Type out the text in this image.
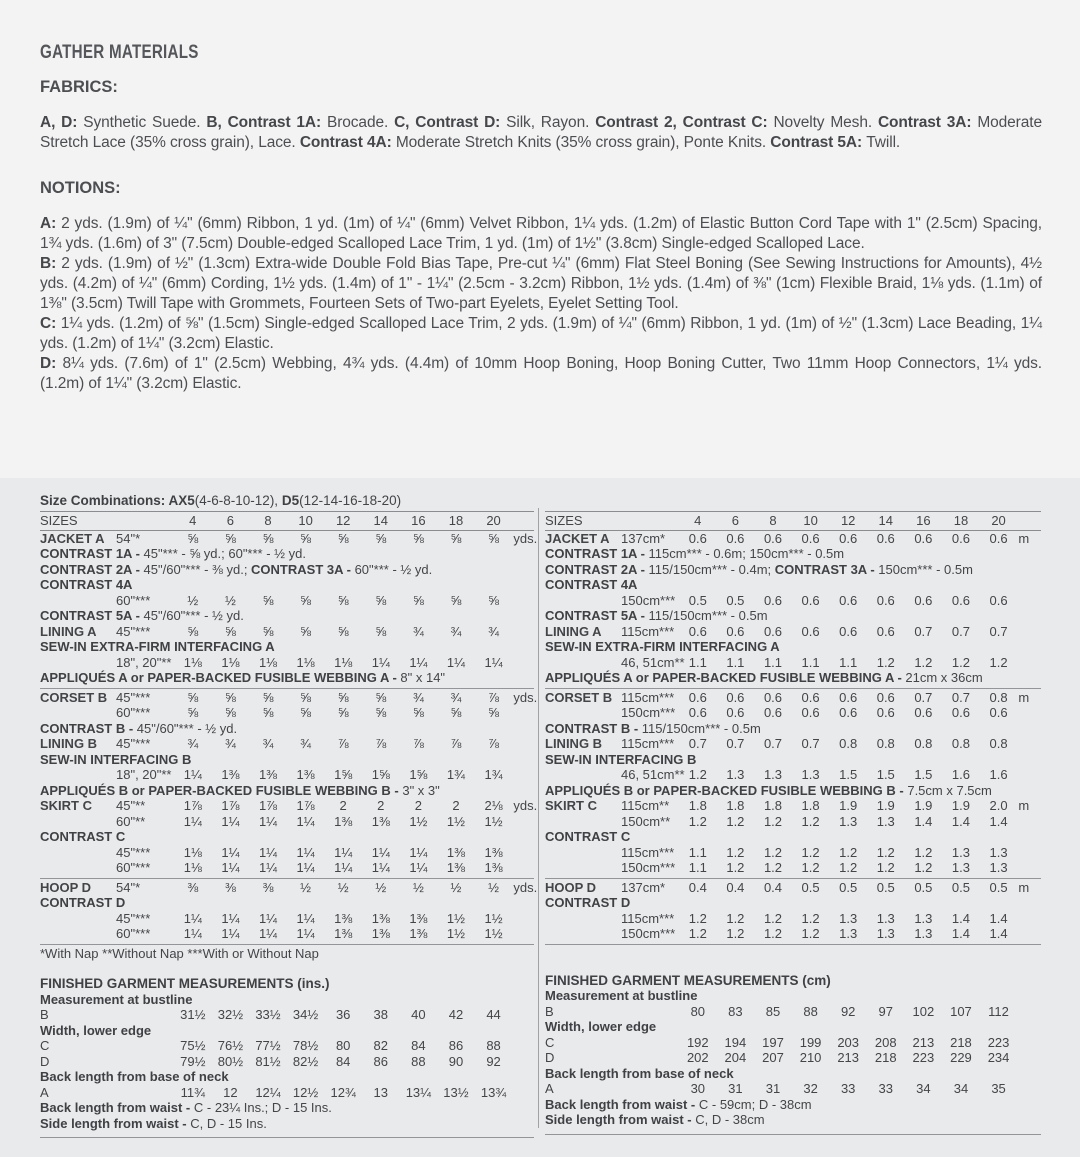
GATHER MATERIALS
FABRICS:

A, D: Synthetic Suede. B, Contrast 1A: Brocade. C, Contrast D: Silk, Rayon. Contrast 2, Contrast C: Novelty Mesh. Contrast 3A: Moderate Stretch Lace (35% cross grain), Lace. Contrast 4A: Moderate Stretch Knits (35% cross grain), Ponte Knits. Contrast 5A: Twill.

NOTIONS:

A: 2 yds. (1.9m) of ¼" (6mm) Ribbon, 1 yd. (1m) of ¼" (6mm) Velvet Ribbon, 1¼ yds. (1.2m) of Elastic Button Cord Tape with 1" (2.5cm) Spacing, 1¾ yds. (1.6m) of 3" (7.5cm) Double-edged Scalloped Lace Trim, 1 yd. (1m) of 1½" (3.8cm) Single-edged Scalloped Lace.

B: 2 yds. (1.9m) of ½" (1.3cm) Extra-wide Double Fold Bias Tape, Pre-cut ¼" (6mm) Flat Steel Boning (See Sewing Instructions for Amounts), 4½ yds. (4.2m) of ¼" (6mm) Cording, 1½ yds. (1.4m) of 1" - 1¼" (2.5cm - 3.2cm) Ribbon, 1½ yds. (1.4m) of ⅜" (1cm) Flexible Braid, 1⅛ yds. (1.1m) of 1⅜" (3.5cm) Twill Tape with Grommets, Fourteen Sets of Two-part Eyelets, Eyelet Setting Tool.

C: 1¼ yds. (1.2m) of ⅝" (1.5cm) Single-edged Scalloped Lace Trim, 2 yds. (1.9m) of ¼" (6mm) Ribbon, 1 yd. (1m) of ½" (1.3cm) Lace Beading, 1¼ yds. (1.2m) of 1¼" (3.2cm) Elastic.

D: 8¼ yds. (7.6m) of 1" (2.5cm) Webbing, 4¾ yds. (4.4m) of 10mm Hoop Boning, Hoop Boning Cutter, Two 11mm Hoop Connectors, 1¼ yds. (1.2m) of 1¼" (3.2cm) Elastic.

Size Combinations: AX5(4-6-8-10-12), D5(12-14-16-18-20)
SIZES	4	6	8	10	12	14	16	18	20
JACKET A 54"*	⅝	⅝	⅝	⅝	⅝	⅝	⅝	⅝	⅝	yds.
CONTRAST 1A - 45"*** - ⅝ yd.; 60"*** - ½ yd.
CONTRAST 2A - 45"/60"*** - ⅜ yd.; CONTRAST 3A - 60"*** - ½ yd.
CONTRAST 4A
60"***	½	½	⅝	⅝	⅝	⅝	⅝	⅝	⅝
CONTRAST 5A - 45"/60"*** - ½ yd.
LINING A	45"***	⅝	⅝	⅝	⅝	⅝	⅝	¾	¾	¾
SEW-IN EXTRA-FIRM INTERFACING A
18", 20"** 1⅛	1⅛	1⅛	1⅛	1⅛	1¼	1¼	1¼	1¼
APPLIQUÉS A or PAPER-BACKED FUSIBLE WEBBING A - 8" x 14"
CORSET B 45"***	⅝	⅝	⅝	⅝	⅝	⅝	¾	¾	⅞	yds.
60"***	⅝	⅝	⅝	⅝	⅝	⅝	⅝	⅝	⅝
CONTRAST B - 45"/60"*** - ½ yd.
LINING B	45"***	¾	¾	¾	¾	⅞	⅞	⅞	⅞	⅞
SEW-IN INTERFACING B
18", 20"** 1¼	1⅜	1⅜	1⅜	1⅝	1⅝	1⅝	1¾	1¾
APPLIQUÉS B or PAPER-BACKED FUSIBLE WEBBING B - 3" x 3"
SKIRT C	45"**	1⅞	1⅞	1⅞	1⅞	2	2	2	2	2⅛ yds.
60"**	1¼	1¼	1¼	1¼	1⅜	1⅜	1½	1½	1½
CONTRAST C
45"***	1⅛	1¼	1¼	1¼	1¼	1¼	1¼	1⅜	1⅜
60"***	1⅛	1¼	1¼	1¼	1¼	1¼	1¼	1⅜	1⅜
HOOP D	54"*	⅜	⅜	⅜	½	½	½	½	½	½	yds.
CONTRAST D
45"***	1¼	1¼	1¼	1¼	1⅜	1⅜	1⅜	1½	1½
60"***	1¼	1¼	1¼	1¼	1⅜	1⅜	1⅜	1½	1½
*With Nap **Without Nap ***With or Without Nap
FINISHED GARMENT MEASUREMENTS (ins.)
Measurement at bustline
B	31½ 32½ 33½ 34½	36	38	40	42	44
Width, lower edge
C	75½ 76½ 77½ 78½	80	82	84	86	88
D	79½ 80½ 81½ 82½	84	86	88	90	92
Back length from base of neck
A	11¾	12	12¼ 12½ 12¾	13	13¼ 13½ 13¾
Back length from waist - C - 23¼ Ins.; D - 15 Ins.
Side length from waist - C, D - 15 Ins.
SIZES	4	6	8	10	12	14	16	18	20
JACKET A 137cm*	0.6	0.6	0.6	0.6	0.6	0.6	0.6	0.6	0.6 m
CONTRAST 1A - 115cm*** - 0.6m; 150cm*** - 0.5m
CONTRAST 2A - 115/150cm*** - 0.4m; CONTRAST 3A - 150cm*** - 0.5m
CONTRAST 4A
150cm***	0.5	0.5	0.6	0.6	0.6	0.6	0.6	0.6	0.6
CONTRAST 5A - 115/150cm*** - 0.5m
LINING A	115cm***	0.6	0.6	0.6	0.6	0.6	0.6	0.7	0.7	0.7
SEW-IN EXTRA-FIRM INTERFACING A
46, 51cm** 1.1	1.1	1.1	1.1	1.1	1.2	1.2	1.2	1.2
APPLIQUÉS A or PAPER-BACKED FUSIBLE WEBBING A - 21cm x 36cm
CORSET B 115cm***	0.6	0.6	0.6	0.6	0.6	0.6	0.7	0.7	0.8 m
150cm***	0.6	0.6	0.6	0.6	0.6	0.6	0.6	0.6	0.6
CONTRAST B - 115/150cm*** - 0.5m
LINING B	115cm***	0.7	0.7	0.7	0.7	0.8	0.8	0.8	0.8	0.8
SEW-IN INTERFACING B
46, 51cm** 1.2	1.3	1.3	1.3	1.5	1.5	1.5	1.6	1.6
APPLIQUÉS B or PAPER-BACKED FUSIBLE WEBBING B - 7.5cm x 7.5cm
SKIRT C	115cm**	1.8	1.8	1.8	1.8	1.9	1.9	1.9	1.9	2.0 m
150cm**	1.2	1.2	1.2	1.2	1.3	1.3	1.4	1.4	1.4
CONTRAST C
115cm***	1.1	1.2	1.2	1.2	1.2	1.2	1.2	1.3	1.3
150cm***	1.1	1.2	1.2	1.2	1.2	1.2	1.2	1.3	1.3
HOOP D	137cm*	0.4	0.4	0.4	0.5	0.5	0.5	0.5	0.5	0.5 m
CONTRAST D
115cm***	1.2	1.2	1.2	1.2	1.3	1.3	1.3	1.4	1.4
150cm***	1.2	1.2	1.2	1.2	1.3	1.3	1.3	1.4	1.4
FINISHED GARMENT MEASUREMENTS (cm)
Measurement at bustline
B	80	83	85	88	92	97	102	107	112
Width, lower edge
C	192	194	197	199	203	208	213	218	223
D	202	204	207	210	213	218	223	229	234
Back length from base of neck
A	30	31	31	32	33	33	34	34	35
Back length from waist - C - 59cm; D - 38cm
Side length from waist - C, D - 38cm
